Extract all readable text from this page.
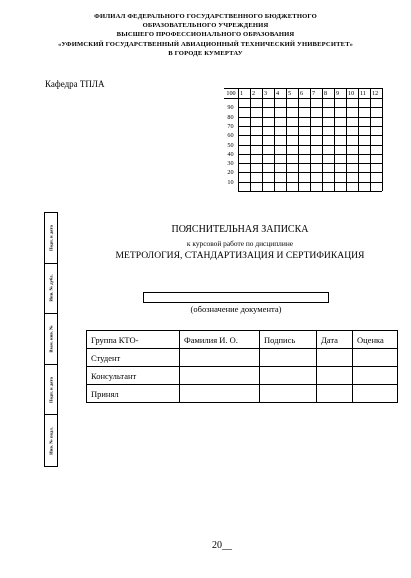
ФИЛИАЛ ФЕДЕРАЛЬНОГО ГОСУДАРСТВЕННОГО БЮДЖЕТНОГО
ОБРАЗОВАТЕЛЬНОГО УЧРЕЖДЕНИЯ
ВЫСШЕГО ПРОФЕССИОНАЛЬНОГО ОБРАЗОВАНИЯ
«УФИМСКИЙ ГОСУДАРСТВЕННЫЙ АВИАЦИОННЫЙ ТЕХНИЧЕСКИЙ УНИВЕРСИТЕТ»
В ГОРОДЕ КУМЕРТАУ
Кафедра ТПЛА
100 1 2 3 4 5 6 7 8 9 10 11 12
90
80
70
60
50
40
30
20
10
Подп. и дата
Инв. № дубл.
Взам. инв. №
Подп. и дата
Инв. № подл.
ПОЯСНИТЕЛЬНАЯ ЗАПИСКА
к курсовой работе по дисциплине
МЕТРОЛОГИЯ, СТАНДАРТИЗАЦИЯ И СЕРТИФИКАЦИЯ
(обозначение документа)
Группа КТО-	Фамилия И. О.	Подпись	Дата	Оценка
Студент				
Консультант				
Принял				
20__
